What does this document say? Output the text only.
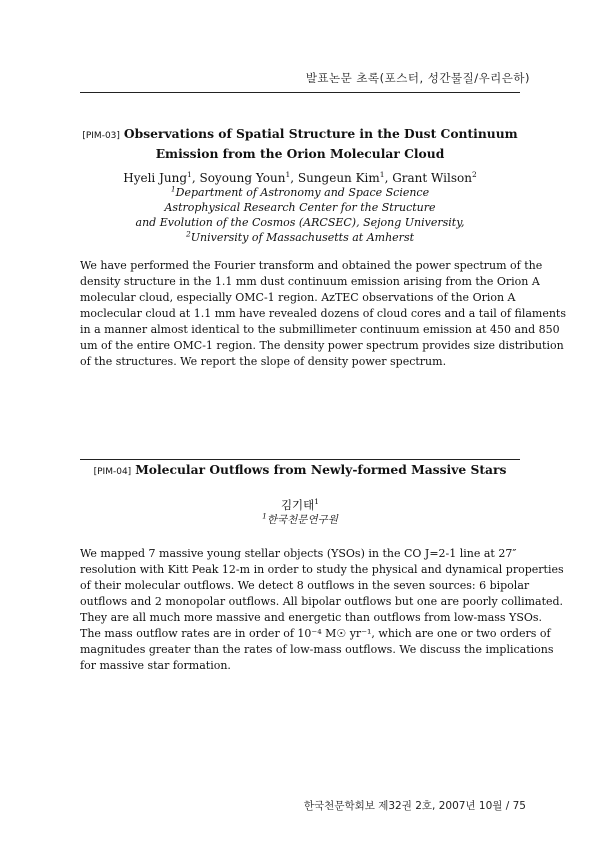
발표논문 초록(포스터, 성간물질/우리은하)
[PIM-03] Observations of Spatial Structure in the Dust Continuum
Emission from the Orion Molecular Cloud
Hyeli Jung$^1$, Soyoung Youn$^1$, Sungeun Kim$^1$, Grant Wilson$^2$
$^1$Department of Astronomy and Space Science
Astrophysical Research Center for the Structure
and Evolution of the Cosmos (ARCSEC), Sejong University,
$^2$University of Massachusetts at Amherst
We have performed the Fourier transform and obtained the power spectrum of the
density structure in the 1.1 mm dust continuum emission arising from the Orion A
molecular cloud, especially OMC-1 region. AzTEC observations of the Orion A
moclecular cloud at 1.1 mm have revealed dozens of cloud cores and a tail of filaments
in a manner almost identical to the submillimeter continuum emission at 450 and 850
um of the entire OMC-1 region. The density power spectrum provides size distribution
of the structures. We report the slope of density power spectrum.
[PIM-04] Molecular Outflows from Newly-formed Massive Stars
김기태$^1$
$^1$한국천문연구원
We mapped 7 massive young stellar objects (YSOs) in the CO J=2-1 line at 27″
resolution with Kitt Peak 12-m in order to study the physical and dynamical properties
of their molecular outflows. We detect 8 outflows in the seven sources: 6 bipolar
outflows and 2 monopolar outflows. All bipolar outflows but one are poorly collimated.
They are all much more massive and energetic than outflows from low-mass YSOs.
The mass outflow rates are in order of 10⁻⁴ M☉ yr⁻¹, which are one or two orders of
magnitudes greater than the rates of low-mass outflows. We discuss the implications
for massive star formation.
한국천문학회보 제32권 2호, 2007년 10월 / 75
